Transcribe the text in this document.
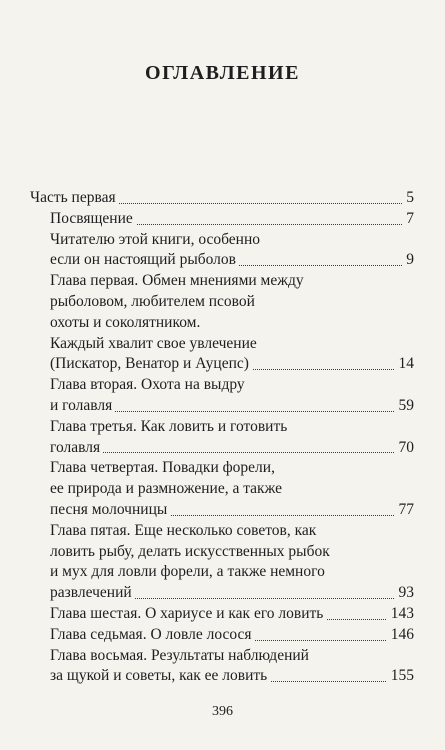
ОГЛАВЛЕНИЕ
Часть первая	5
Посвящение	7
Читателю этой книги, особенно
если он настоящий рыболов	9
Глава первая. Обмен мнениями между
рыболовом, любителем псовой
охоты и соколятником.
Каждый хвалит свое увлечение
(Пискатор, Венатор и Ауцепс)	14
Глава вторая. Охота на выдру
и голавля	59
Глава третья. Как ловить и готовить
голавля	70
Глава четвертая. Повадки форели,
ее природа и размножение, а также
песня молочницы	77
Глава пятая. Еще несколько советов, как
ловить рыбу, делать искусственных рыбок
и мух для ловли форели, а также немного
развлечений	93
Глава шестая. О хариусе и как его ловить	143
Глава седьмая. О ловле лосося	146
Глава восьмая. Результаты наблюдений
за щукой и советы, как ее ловить	155
396
